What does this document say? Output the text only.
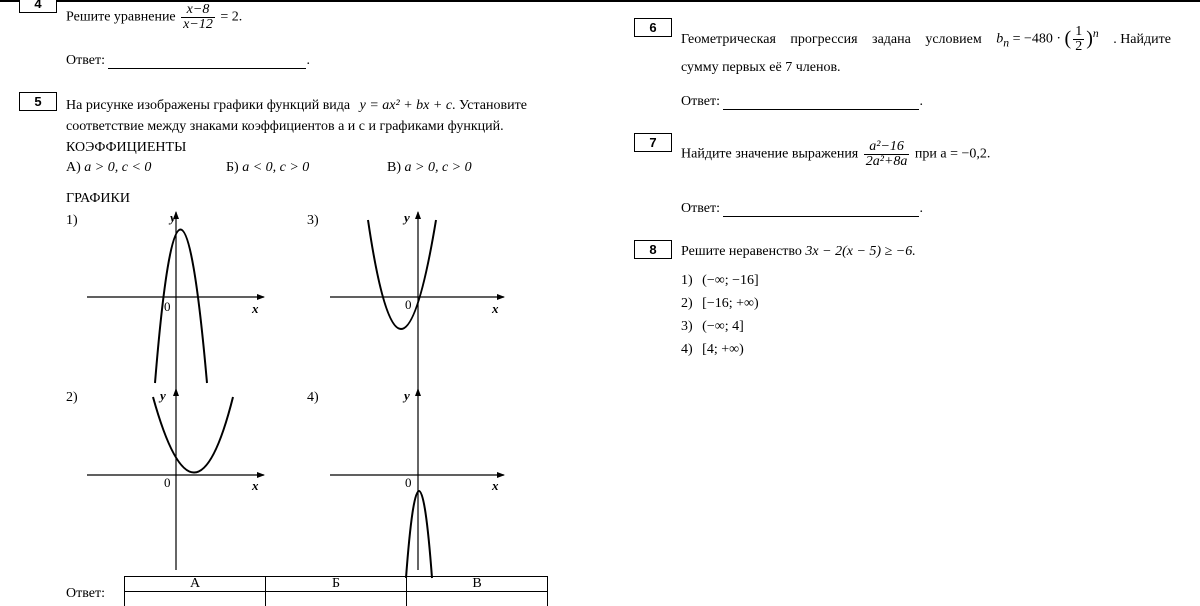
4
Решите уравнение $\frac{x-8}{x-12} = 2$.
Ответ:	.
5	На рисунке изображены графики функций вида y = ax² + bx + c. Установите
соответствие между знаками коэффициентов a и c и графиками функций.
КОЭФФИЦИЕНТЫ
А) a > 0, c < 0	Б) a < 0, c > 0	В) a > 0, c > 0
ГРАФИКИ
1)	3)
2)	4)
y
x
0
y
x
0
y
x
0
y
x
0
Ответ:
А	Б	В

6
Геометрическая прогрессия задана условием $b_n = -480$ · ( $\frac{1}{2} )^n$ . Найдите
сумму первых её 7 членов.
Ответ:	.
7
Найдите значение выражения $\frac{\text{a²−16}}{\text{2a²+8a}}$ при a = −0,2.
Ответ:	.
8	Решите неравенство 3x − 2(x − 5) ≥ −6.
1) (−∞; −16]
2) [−16; +∞)
3) (−∞; 4]
4) [4; +∞)
